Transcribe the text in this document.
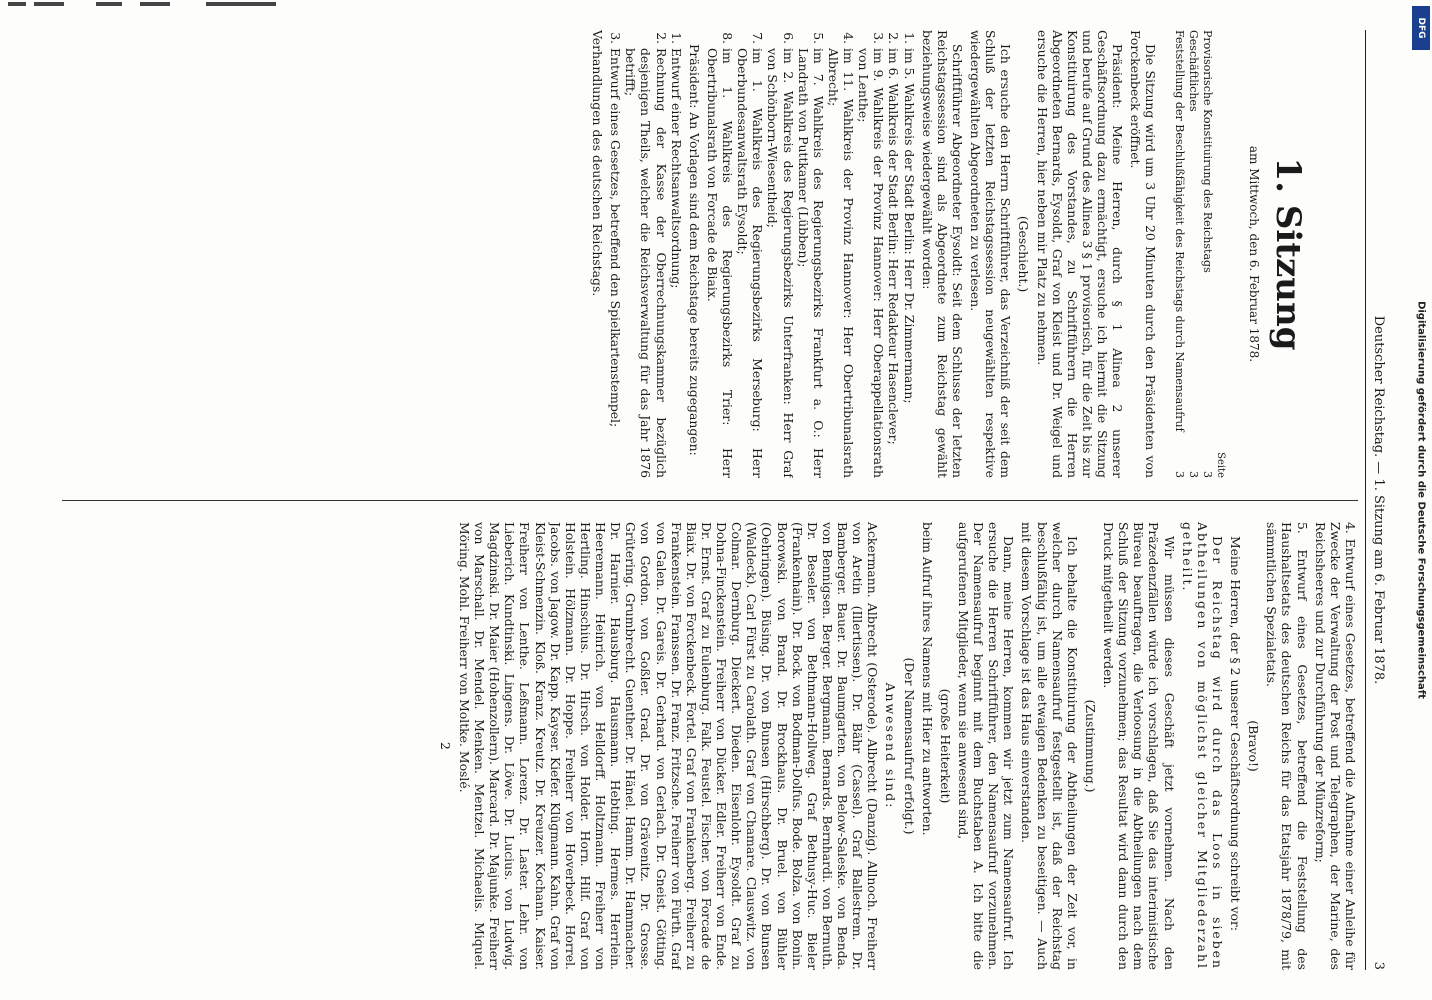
DFG
Digitalisierung gefördert durch die Deutsche Forschungsgemeinschaft
Deutscher Reichstag. — 1. Sitzung am 6. Februar 1878.
3
1. Sitzung
am Mittwoch, den 6. Februar 1878.
Seite
Provisorische Konstituirung des Reichstags
3
Geschäftliches
3
Feststellung der Beschlußfähigkeit des Reichstags durch Namensaufruf
3

Die Sitzung wird um 3 Uhr 20 Minuten durch den Präsidenten von Forckenbeck eröffnet.

Präsident: Meine Herren, durch § 1 Alinea 2 unserer Geschäftsordnung dazu ermächtigt, ersuche ich hiermit die Sitzung und berufe auf Grund des Alinea 3 § 1 provisorisch, für die Zeit bis zur Konstituirung des Vorstandes, zu Schriftführern die Herren Abgeordneten Bernards, Eysoldt, Graf von Kleist und Dr. Weigel und ersuche die Herren, hier neben mir Platz zu nehmen.

(Geschieht.)

Ich ersuche den Herrn Schriftführer, das Verzeichniß der seit dem Schluß der letzten Reichstagssession neugewählten respektive wiedergewählten Abgeordneten zu verlesen.

Schriftführer Abgeordneter Eysoldt: Seit dem Schlusse der letzten Reichstagssession sind als Abgeordnete zum Reichstag gewählt beziehungsweise wiedergewählt worden:

1. im 5. Wahlkreis der Stadt Berlin: Herr Dr. Zimmermann;
2. im 6. Wahlkreis der Stadt Berlin: Herr Redakteur Hasenclever;
3. im 9. Wahlkreis der Provinz Hannover: Herr Oberappellationsrath von Lenthe;
4. im 11. Wahlkreis der Provinz Hannover: Herr Obertribunalsrath Albrecht;
5. im 7. Wahlkreis des Regierungsbezirks Frankfurt a. O.: Herr Landrath von Puttkamer (Lübben);
6. im 2. Wahlkreis des Regierungsbezirks Unterfranken: Herr Graf von Schönborn-Wiesentheid;
7. im 1. Wahlkreis des Regierungsbezirks Merseburg: Herr Oberbundesanwaltsrath Eysoldt;
8. im 1. Wahlkreis des Regierungsbezirks Trier: Herr Obertribunalsrath von Forcade de Biaix.

Präsident: An Vorlagen sind dem Reichstage bereits zugegangen:

1. Entwurf einer Rechtsanwaltsordnung;
2. Rechnung der Kasse der Oberrechnungskammer bezüglich desjenigen Theils, welcher die Reichsverwaltung für das Jahr 1876 betrifft;
3. Entwurf eines Gesetzes, betreffend den Spielkartenstempel;

Verhandlungen des deutschen Reichstags.

4. Entwurf eines Gesetzes, betreffend die Aufnahme einer Anleihe für Zwecke der Verwaltung der Post und Telegraphen, der Marine, des Reichsheeres und zur Durchführung der Münzreform;

5. Entwurf eines Gesetzes, betreffend die Feststellung des Haushaltsetats des deutschen Reichs für das Etatsjahr 1878/79, mit sämmtlichen Spezialetats.

(Bravo!)

Meine Herren, der § 2 unserer Geschäftsordnung schreibt vor:

Der Reichstag wird durch das Loos in sieben Abtheilungen von möglichst gleicher Mitgliederzahl getheilt.

Wir müssen dieses Geschäft jetzt vornehmen. Nach den Präzedenzfällen würde ich vorschlagen, daß Sie das interimistische Büreau beauftragen, die Verloosung in die Abtheilungen nach dem Schluß der Sitzung vorzunehmen; das Resultat wird dann durch den Druck mitgetheilt werden.

(Zustimmung.)

Ich behalte die Konstituirung der Abtheilungen der Zeit vor, in welcher durch Namensaufruf festgestellt ist, daß der Reichstag beschlußfähig ist, um alle etwaigen Bedenken zu beseitigen. — Auch mit diesem Vorschlage ist das Haus einverstanden.

Dann, meine Herren, kommen wir jetzt zum Namensaufruf. Ich ersuche die Herren Schriftführer, den Namensaufruf vorzunehmen. Der Namensaufruf beginnt mit dem Buchstaben A. Ich bitte die aufgerufenen Mitglieder, wenn sie anwesend sind,

(große Heiterkeit)

beim Aufruf ihres Namens mit Hier zu antworten.

(Der Namensaufruf erfolgt.)

Anwesend sind:

Ackermann. Albrecht (Osterode). Albrecht (Danzig). Allnoch. Freiherr von Aretin (Illertissen). Dr. Bähr (Cassel). Graf Ballestrem. Dr. Bamberger. Bauer. Dr. Baumgarten. von Below-Saleske. von Benda. von Bennigsen. Berger. Bergmann. Bernards. Bernhardi. von Bernuth. Dr. Beseler. von Bethmann-Hollweg. Graf Bethusy-Huc. Bieler (Frankenhain). Dr. Bock. von Bodman-Dolfus. Bode. Bolza. von Bonin. Borowski. von Brand. Dr. Brockhaus. Dr. Bruel. von Bühler (Oehringen). Büsing. Dr. von Bunsen (Hirschberg). Dr. von Bunsen (Waldeck). Carl Fürst zu Carolath. Graf von Chamare. Clauswitz. von Colmar. Dernburg. Dieckert. Dieden. Eisenlohr. Eysoldt. Graf zu Dohna-Finckenstein. Freiherr von Dücker. Edler. Freiherr von Ende. Dr. Ernst. Graf zu Eulenburg. Falk. Feustel. Fischer. von Forcade de Biaix. Dr. von Forckenbeck. Fortel. Graf von Frankenberg. Freiherr zu Frankenstein. Franssen. Dr. Franz. Fritzsche. Freiherr von Fürth. Graf von Galen. Dr. Gareis. Dr. Gerhard. von Gerlach. Dr. Gneist. Götting. von Gordon. von Goßler. Grad. Dr. von Grävenitz. Dr. Grosse. Grütering. Grumbrecht. Guenther. Dr. Hänel. Hamm. Dr. Hammacher. Dr. Harnier. Hausburg. Hausmann. Hebting. Hermes. Herrlein. Heeremann. Heinrich. von Helldorff. Holtzmann. Freiherr von Hertling. Hinschius. Dr. Hirsch. von Holder. Horn. Hilf. Graf von Holstein. Hölzmann. Dr. Hoppe. Freiherr von Hoverbeck. Horrel. Jacobs. von Jagow. Dr. Kapp. Kayser. Kiefer. Klügmann. Kahn. Graf von Kleist-Schmenzin. Kloß. Kranz. Kreutz. Dr. Kreuzer. Kochann. Kaiser. Freiherr von Lenthe. Leßmann. Lorenz. Dr. Laster. Lehr. von Lieberich. Kundtinski. Lingens. Dr. Löwe. Dr. Lucius. von Ludwig. Magdzinski. Dr. Maier (Hohenzollern). Marcard. Dr. Majunke. Freiherr von Marschall. Dr. Mendel. Menken. Mentzel. Michaelis. Miquel. Möring. Mohl. Freiherr von Moltke. Moslé.

2
